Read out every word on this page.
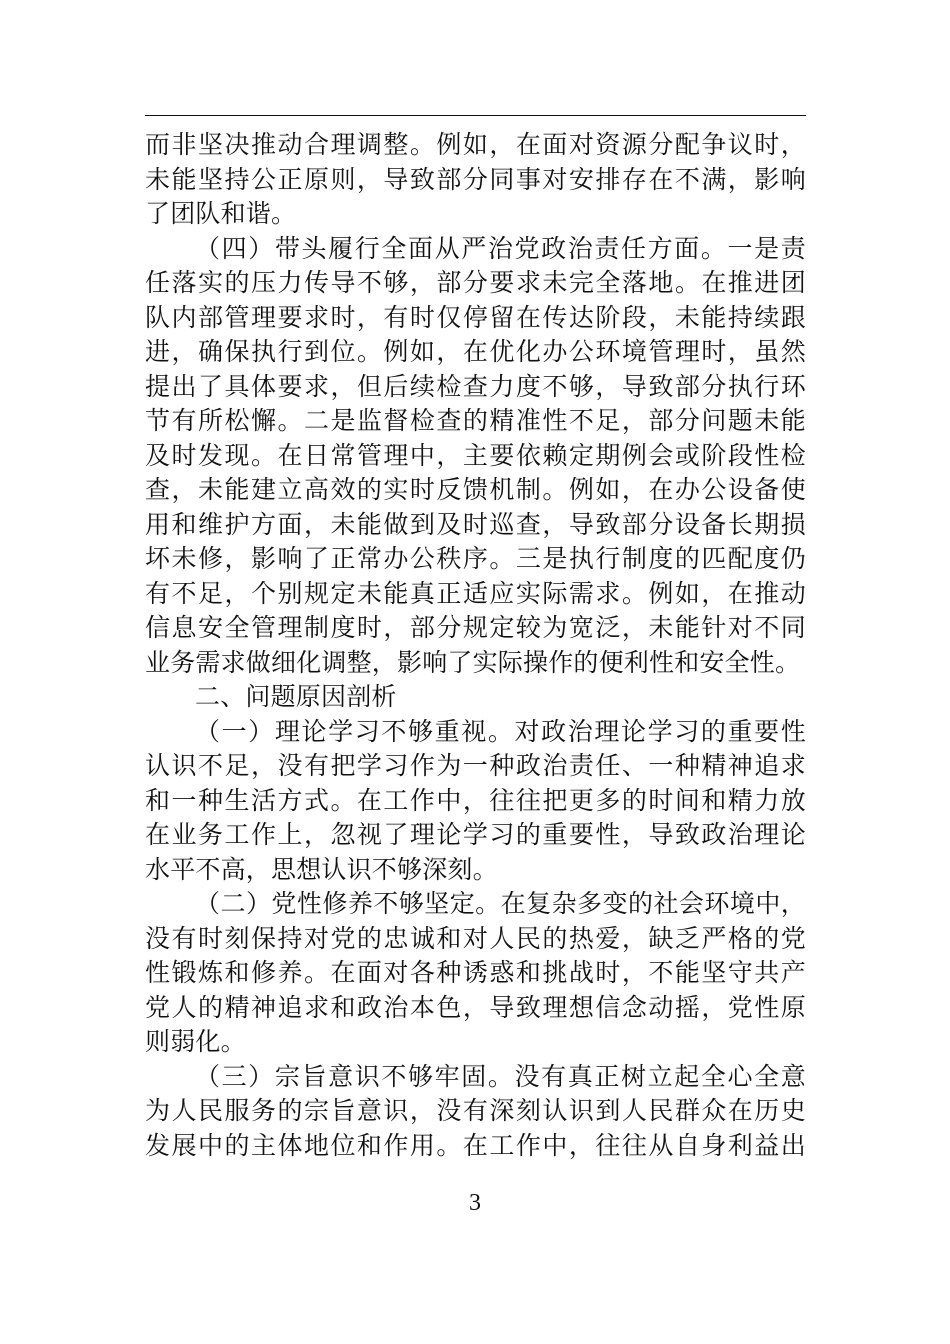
而非坚决推动合理调整。例如，在面对资源分配争议时，
未能坚持公正原则，导致部分同事对安排存在不满，影响
了团队和谐。
（四）带头履行全面从严治党政治责任方面。一是责
任落实的压力传导不够，部分要求未完全落地。在推进团
队内部管理要求时，有时仅停留在传达阶段，未能持续跟
进，确保执行到位。例如，在优化办公环境管理时，虽然
提出了具体要求，但后续检查力度不够，导致部分执行环
节有所松懈。二是监督检查的精准性不足，部分问题未能
及时发现。在日常管理中，主要依赖定期例会或阶段性检
查，未能建立高效的实时反馈机制。例如，在办公设备使
用和维护方面，未能做到及时巡查，导致部分设备长期损
坏未修，影响了正常办公秩序。三是执行制度的匹配度仍
有不足，个别规定未能真正适应实际需求。例如，在推动
信息安全管理制度时，部分规定较为宽泛，未能针对不同
业务需求做细化调整，影响了实际操作的便利性和安全性。
二、问题原因剖析
（一）理论学习不够重视。对政治理论学习的重要性
认识不足，没有把学习作为一种政治责任、一种精神追求
和一种生活方式。在工作中，往往把更多的时间和精力放
在业务工作上，忽视了理论学习的重要性，导致政治理论
水平不高，思想认识不够深刻。
（二）党性修养不够坚定。在复杂多变的社会环境中，
没有时刻保持对党的忠诚和对人民的热爱，缺乏严格的党
性锻炼和修养。在面对各种诱惑和挑战时，不能坚守共产
党人的精神追求和政治本色，导致理想信念动摇，党性原
则弱化。
（三）宗旨意识不够牢固。没有真正树立起全心全意
为人民服务的宗旨意识，没有深刻认识到人民群众在历史
发展中的主体地位和作用。在工作中，往往从自身利益出
3
